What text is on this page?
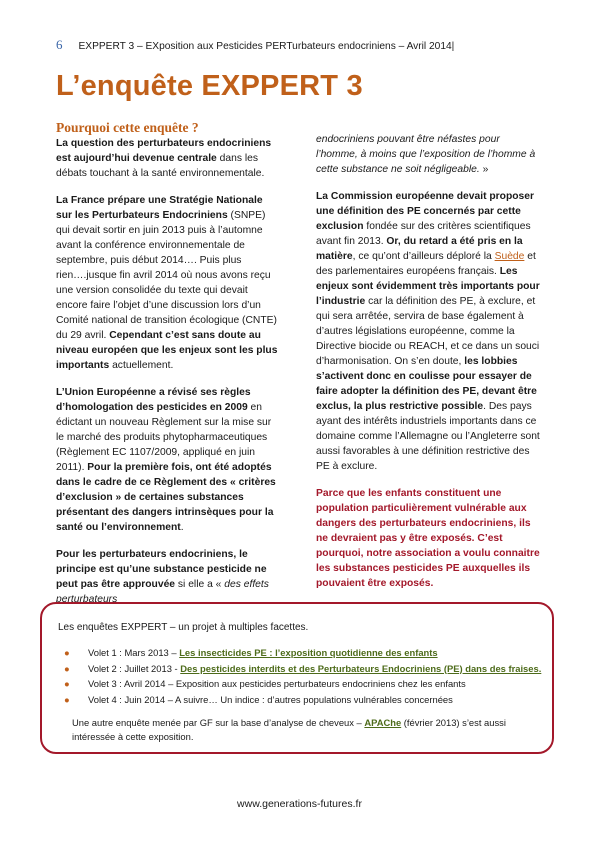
6 EXPPERT 3 – EXposition aux Pesticides PERTurbateurs endocriniens – Avril 2014|
L’enquête EXPPERT 3
Pourquoi cette enquête ?

La question des perturbateurs endocriniens est aujourd’hui devenue centrale dans les débats touchant à la santé environnementale.

La France prépare une Stratégie Nationale sur les Perturbateurs Endocriniens (SNPE) qui devait sortir en juin 2013 puis à l’automne avant la conférence environnementale de septembre, puis début 2014…. Puis plus rien….jusque fin avril 2014 où nous avons reçu une version consolidée du texte qui devait encore faire l’objet d’une discussion lors d’un Comité national de transition écologique (CNTE) du 29 avril. Cependant c’est sans doute au niveau européen que les enjeux sont les plus importants actuellement.

L’Union Européenne a révisé ses règles d’homologation des pesticides en 2009 en édictant un nouveau Règlement sur la mise sur le marché des produits phytopharmaceutiques (Règlement EC 1107/2009, appliqué en juin 2011). Pour la première fois, ont été adoptés dans le cadre de ce Règlement des « critères d’exclusion » de certaines substances présentant des dangers intrinsèques pour la santé ou l’environnement.

Pour les perturbateurs endocriniens, le principe est qu’une substance pesticide ne peut pas être approuvée si elle a « des effets perturbateurs

endocriniens pouvant être néfastes pour l’homme, à moins que l’exposition de l’homme à cette substance ne soit négligeable. »

La Commission européenne devait proposer une définition des PE concernés par cette exclusion fondée sur des critères scientifiques avant fin 2013. Or, du retard a été pris en la matière, ce qu’ont d’ailleurs déploré la Suède et des parlementaires européens français. Les enjeux sont évidemment très importants pour l’industrie car la définition des PE, à exclure, et qui sera arrêtée, servira de base également à d’autres législations européenne, comme la Directive biocide ou REACH, et ce dans un souci d’harmonisation. On s’en doute, les lobbies s’activent donc en coulisse pour essayer de faire adopter la définition des PE, devant être exclus, la plus restrictive possible. Des pays ayant des intérêts industriels importants dans ce domaine comme l’Allemagne ou l’Angleterre sont aussi favorables à une définition restrictive des PE à exclure.

Parce que les enfants constituent une population particulièrement vulnérable aux dangers des perturbateurs endocriniens, ils ne devraient pas y être exposés. C’est pourquoi, notre association a voulu connaitre les substances pesticides PE auxquelles ils pouvaient être exposés.

Les enquêtes EXPPERT – un projet à multiples facettes.
● Volet 1 : Mars 2013 – Les insecticides PE : l’exposition quotidienne des enfants
● Volet 2 : Juillet 2013 - Des pesticides interdits et des Perturbateurs Endocriniens (PE) dans des fraises.
● Volet 3 : Avril 2014 – Exposition aux pesticides perturbateurs endocriniens chez les enfants
● Volet 4 : Juin 2014 – A suivre… Un indice : d’autres populations vulnérables concernées
Une autre enquête menée par GF sur la base d’analyse de cheveux – APAChe (février 2013) s’est aussi intéressée à cette exposition.
www.generations-futures.fr
